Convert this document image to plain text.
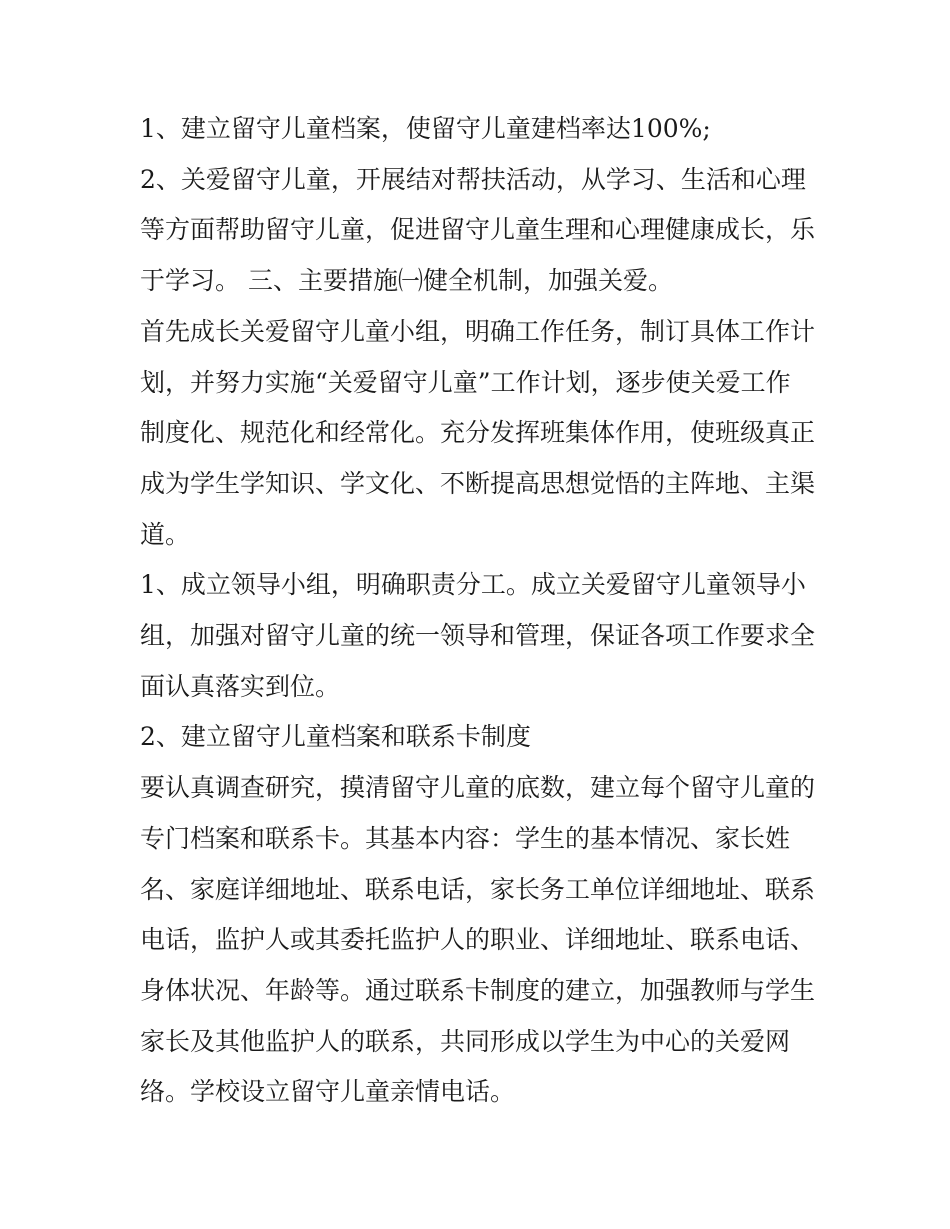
1、建立留守儿童档案，使留守儿童建档率达100%;

2、关爱留守儿童，开展结对帮扶活动，从学习、生活和心理等方面帮助留守儿童，促进留守儿童生理和心理健康成长，乐于学习。 三、主要措施㈠健全机制，加强关爱。

首先成长关爱留守儿童小组，明确工作任务，制订具体工作计划，并努力实施“关爱留守儿童”工作计划，逐步使关爱工作制度化、规范化和经常化。充分发挥班集体作用，使班级真正成为学生学知识、学文化、不断提高思想觉悟的主阵地、主渠道。

1、成立领导小组，明确职责分工。成立关爱留守儿童领导小组，加强对留守儿童的统一领导和管理，保证各项工作要求全面认真落实到位。

2、建立留守儿童档案和联系卡制度

要认真调查研究，摸清留守儿童的底数，建立每个留守儿童的专门档案和联系卡。其基本内容：学生的基本情况、家长姓名、家庭详细地址、联系电话，家长务工单位详细地址、联系电话，监护人或其委托监护人的职业、详细地址、联系电话、身体状况、年龄等。通过联系卡制度的建立，加强教师与学生家长及其他监护人的联系，共同形成以学生为中心的关爱网络。学校设立留守儿童亲情电话。
